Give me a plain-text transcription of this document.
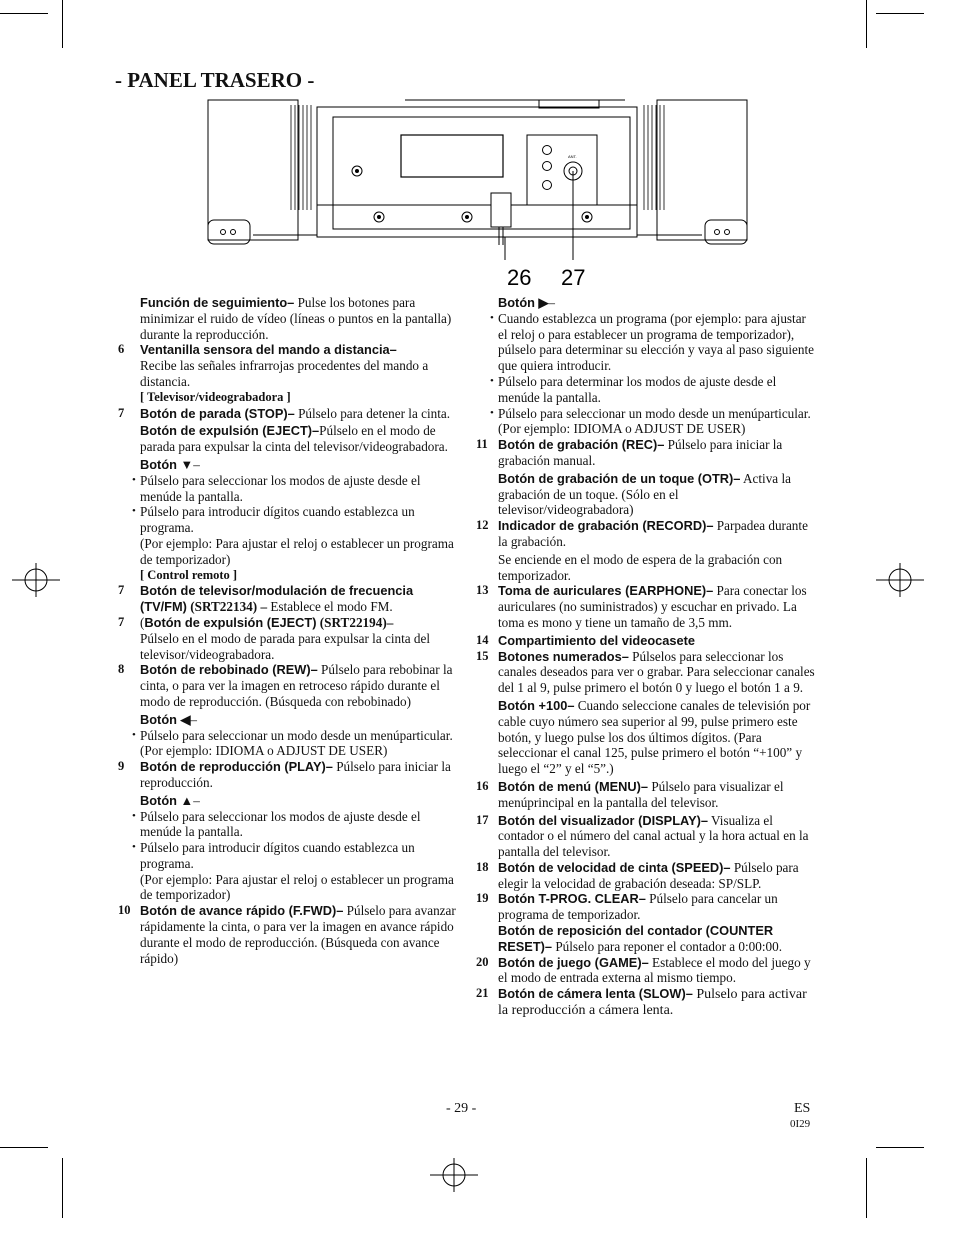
- PANEL TRASERO -
ANT.
26 27

Función de seguimiento– Pulse los botones para minimizar el ruido de vídeo (líneas o puntos en la pantalla) durante la reproducción.

6	Ventanilla sensora del mando a distancia–
Recibe las señales infrarrojas procedentes del mando a distancia.

[ Televisor/videograbadora ]

7	Botón de parada (STOP)– Púlselo para detener la cinta.

Botón de expulsión (EJECT)–Púlselo en el modo de parada para expulsar la cinta del televisor/videograbadora.

Botón ▼–

• Púlselo para seleccionar los modos de ajuste desde el menúde la pantalla.

• Púlselo para introducir dígitos cuando establezca un programa.

(Por ejemplo: Para ajustar el reloj o establecer un programa de temporizador)

[ Control remoto ]

7	Botón de televisor/modulación de frecuencia (TV/FM) (SRT22134) – Establece el modo FM.

7	(Botón de expulsión (EJECT) (SRT22194)–
Púlselo en el modo de parada para expulsar la cinta del televisor/videograbadora.

8	Botón de rebobinado (REW)– Púlselo para rebobinar la cinta, o para ver la imagen en retroceso rápido durante el modo de reproducción. (Búsqueda con rebobinado)

Botón ◀–

• Púlselo para seleccionar un modo desde un menúparticular.

(Por ejemplo: IDIOMA o ADJUST DE USER)

9	Botón de reproducción (PLAY)– Púlselo para iniciar la reproducción.

Botón ▲–

• Púlselo para seleccionar los modos de ajuste desde el menúde la pantalla.

• Púlselo para introducir dígitos cuando establezca un programa.

(Por ejemplo: Para ajustar el reloj o establecer un programa de temporizador)

10 Botón de avance rápido (F.FWD)– Púlselo para avanzar rápidamente la cinta, o para ver la imagen en avance rápido durante el modo de reproducción. (Búsqueda con avance rápido)

Botón ▶–

• Cuando establezca un programa (por ejemplo: para ajustar el reloj o para establecer un programa de temporizador), púlselo para determinar su elección y vaya al paso siguiente que quiera introducir.

• Púlselo para determinar los modos de ajuste desde el menúde la pantalla.

• Púlselo para seleccionar un modo desde un menúparticular.

(Por ejemplo: IDIOMA o ADJUST DE USER)

11 Botón de grabación (REC)– Púlselo para iniciar la grabación manual.

Botón de grabación de un toque (OTR)– Activa la grabación de un toque. (Sólo en el televisor/videograbadora)

12 Indicador de grabación (RECORD)– Parpadea durante la grabación.

Se enciende en el modo de espera de la grabación con temporizador.

13 Toma de auriculares (EARPHONE)– Para conectar los auriculares (no suministrados) y escuchar en privado. La toma es mono y tiene un tamaño de 3,5 mm.

14 Compartimiento del videocasete

15 Botones numerados– Púlselos para seleccionar los canales deseados para ver o grabar. Para seleccionar canales del 1 al 9, pulse primero el botón 0 y luego el botón 1 a 9.

Botón +100– Cuando seleccione canales de televisión por cable cuyo número sea superior al 99, pulse primero este botón, y luego pulse los dos últimos dígitos. (Para seleccionar el canal 125, pulse primero el botón “+100” y luego el “2” y el “5”.)

16 Botón de menú (MENU)– Púlselo para visualizar el menúprincipal en la pantalla del televisor.

17 Botón del visualizador (DISPLAY)– Visualiza el contador o el número del canal actual y la hora actual en la pantalla del televisor.

18 Botón de velocidad de cinta (SPEED)– Púlselo para elegir la velocidad de grabación deseada: SP/SLP.

19 Botón T-PROG. CLEAR– Púlselo para cancelar un programa de temporizador.

Botón de reposición del contador (COUNTER RESET)– Púlselo para reponer el contador a 0:00:00.

20 Botón de juego (GAME)– Establece el modo del juego y el modo de entrada externa al mismo tiempo.

21 Botón de cámera lenta (SLOW)– Pulselo para activar la reproducción a cámera lenta.

- 29 -	ES
0I29
